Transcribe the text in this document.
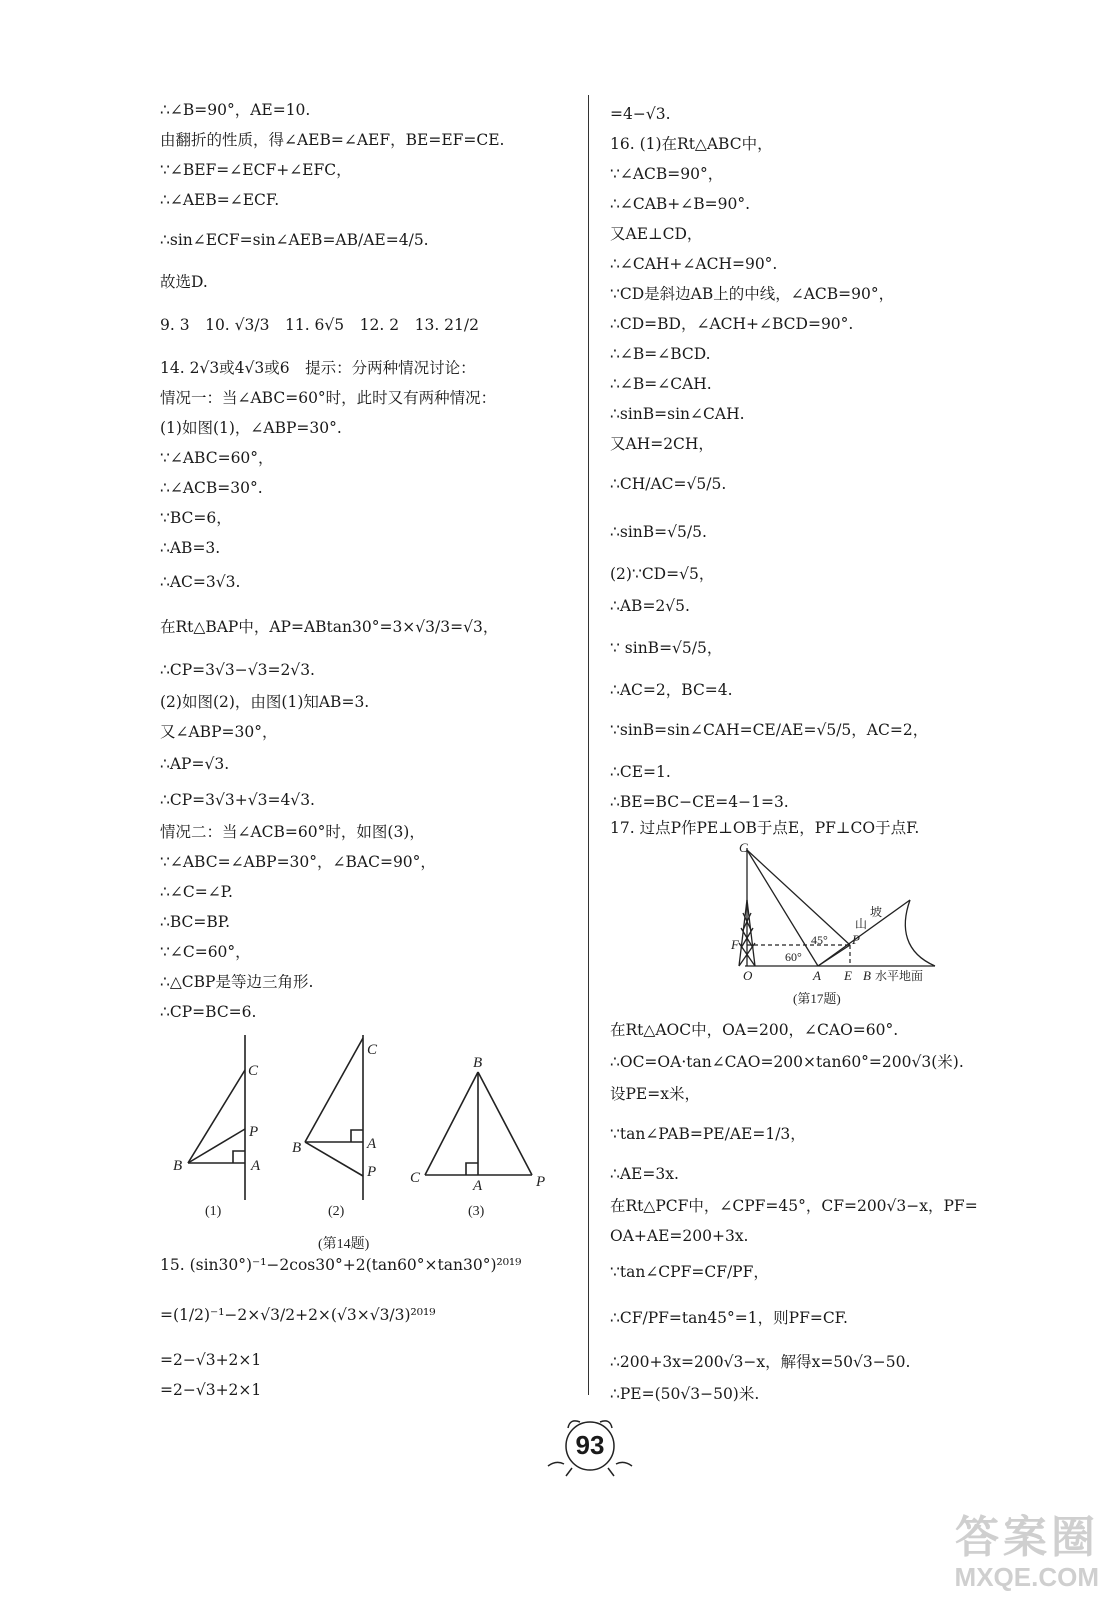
∴∠B=90°，AE=10.
由翻折的性质，得∠AEB=∠AEF，BE=EF=CE.
∵∠BEF=∠ECF+∠EFC，
∴∠AEB=∠ECF.
∴sin∠ECF=sin∠AEB=AB/AE=4/5.
故选D.
9. 3　10. √3/3　11. 6√5　12. 2　13. 21/2
14. 2√3或4√3或6　提示：分两种情况讨论：
情况一：当∠ABC=60°时，此时又有两种情况：
(1)如图(1)，∠ABP=30°.
∵∠ABC=60°，
∴∠ACB=30°.
∵BC=6，
∴AB=3.
∴AC=3√3.
在Rt△BAP中，AP=ABtan30°=3×√3/3=√3，
∴CP=3√3−√3=2√3.
(2)如图(2)，由图(1)知AB=3.
又∠ABP=30°，
∴AP=√3.
∴CP=3√3+√3=4√3.
情况二：当∠ACB=60°时，如图(3)，
∵∠ABC=∠ABP=30°，∠BAC=90°，
∴∠C=∠P.
∴BC=BP.
∵∠C=60°，
∴△CBP是等边三角形.
∴CP=BC=6.
15. (sin30°)⁻¹−2cos30°+2(tan60°×tan30°)²⁰¹⁹
=(1/2)⁻¹−2×√3/2+2×(√3×√3/3)²⁰¹⁹
=2−√3+2×1
=2−√3+2×1
=4−√3.
16. (1)在Rt△ABC中，
∵∠ACB=90°，
∴∠CAB+∠B=90°.
又AE⊥CD，
∴∠CAH+∠ACH=90°.
∵CD是斜边AB上的中线，∠ACB=90°，
∴CD=BD，∠ACH+∠BCD=90°.
∴∠B=∠BCD.
∴∠B=∠CAH.
∴sinB=sin∠CAH.
又AH=2CH，
∴CH/AC=√5/5.
∴sinB=√5/5.
(2)∵CD=√5，
∴AB=2√5.
∵ sinB=√5/5，
∴AC=2，BC=4.
∵sinB=sin∠CAH=CE/AE=√5/5，AC=2，
∴CE=1.
∴BE=BC−CE=4−1=3.
17. 过点P作PE⊥OB于点E，PF⊥CO于点F.
在Rt△AOC中，OA=200，∠CAO=60°.
∴OC=OA·tan∠CAO=200×tan60°=200√3(米).
设PE=x米，
∵tan∠PAB=PE/AE=1/3，
∴AE=3x.
在Rt△PCF中，∠CPF=45°，CF=200√3−x，PF=
OA+AE=200+3x.
∵tan∠CPF=CF/PF，
∴CF/PF=tan45°=1，则PF=CF.
∴200+3x=200√3−x，解得x=50√3−50.
∴PE=(50√3−50)米.
C
P
B	A
C
B	A
P
B
C	A	P
(1)	(2)	(3)
(第14题)
C
F
O	A E B
P
60°
45°
山
坡
水平地面
(第17题)
93
答案圈
MXQE.COM
